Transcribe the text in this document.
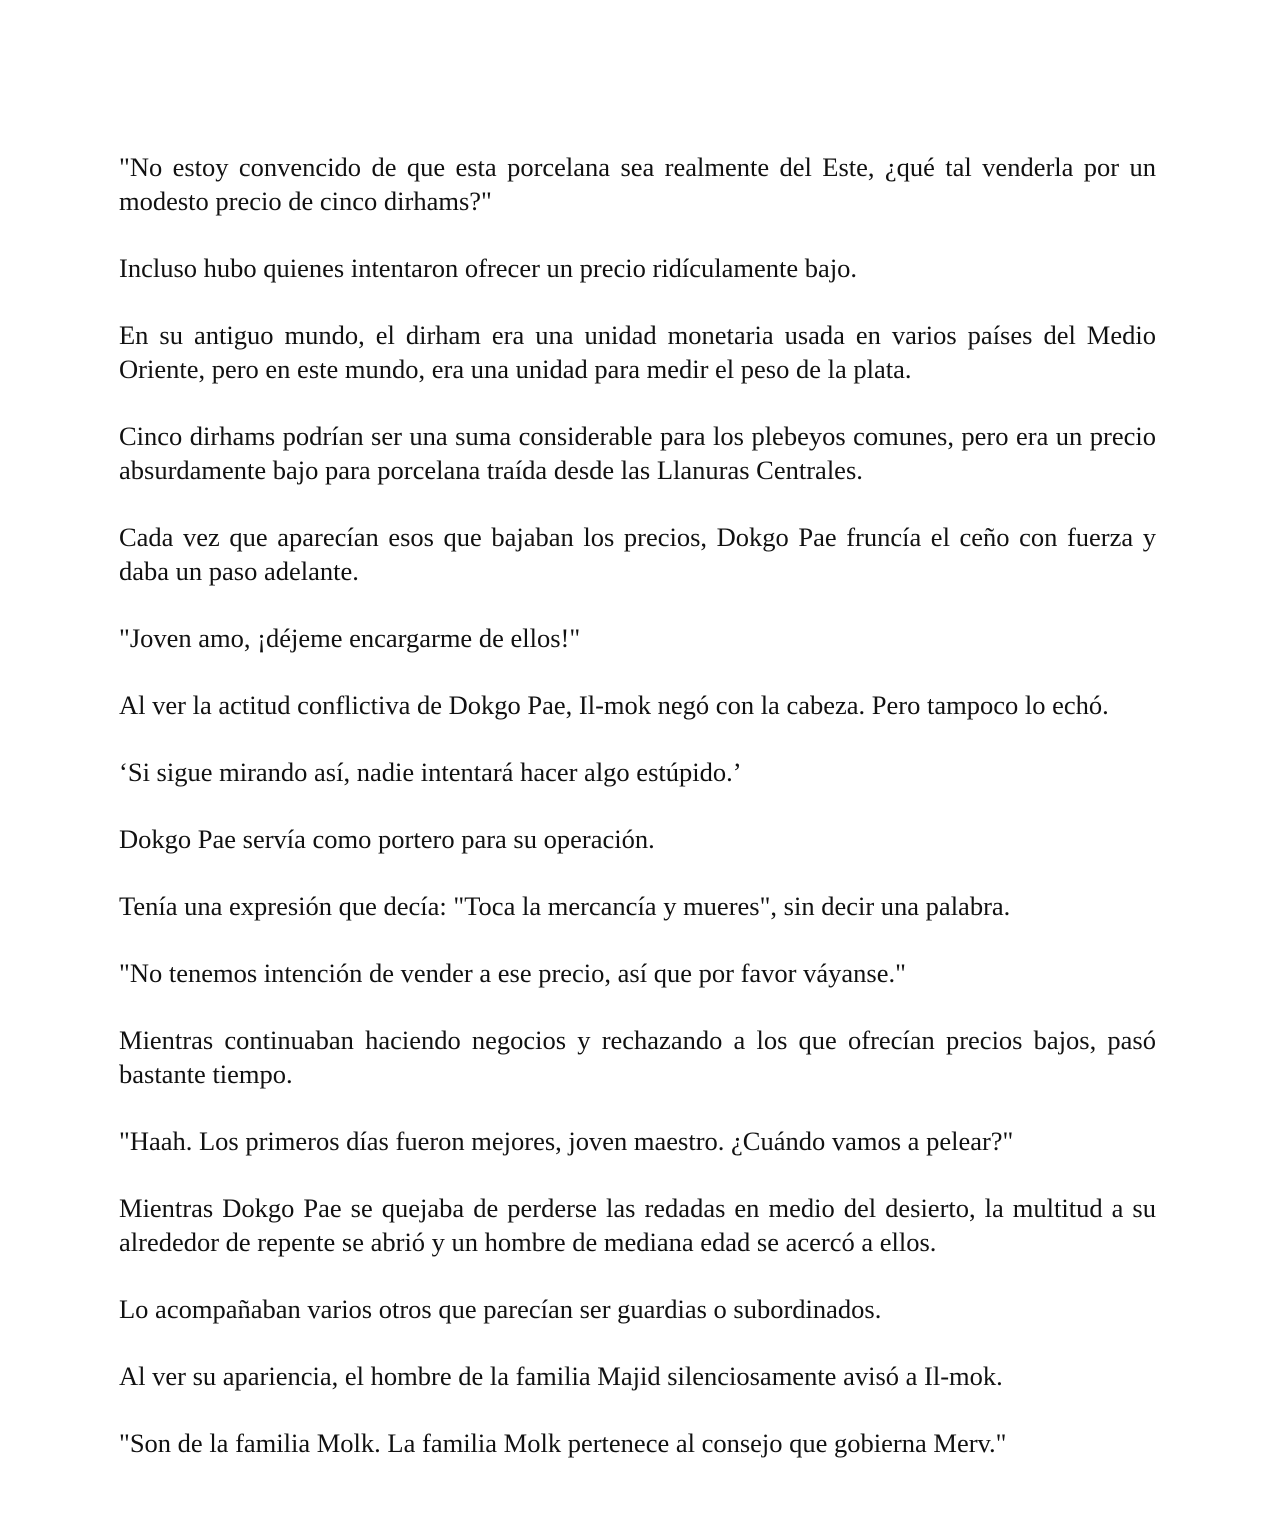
"No estoy convencido de que esta porcelana sea realmente del Este, ¿qué tal venderla por un modesto precio de cinco dirhams?"

Incluso hubo quienes intentaron ofrecer un precio ridículamente bajo.

En su antiguo mundo, el dirham era una unidad monetaria usada en varios países del Medio Oriente, pero en este mundo, era una unidad para medir el peso de la plata.

Cinco dirhams podrían ser una suma considerable para los plebeyos comunes, pero era un precio absurdamente bajo para porcelana traída desde las Llanuras Centrales.

Cada vez que aparecían esos que bajaban los precios, Dokgo Pae fruncía el ceño con fuerza y daba un paso adelante.

"Joven amo, ¡déjeme encargarme de ellos!"

Al ver la actitud conflictiva de Dokgo Pae, Il-mok negó con la cabeza. Pero tampoco lo echó.

‘Si sigue mirando así, nadie intentará hacer algo estúpido.’

Dokgo Pae servía como portero para su operación.

Tenía una expresión que decía: "Toca la mercancía y mueres", sin decir una palabra.

"No tenemos intención de vender a ese precio, así que por favor váyanse."

Mientras continuaban haciendo negocios y rechazando a los que ofrecían precios bajos, pasó bastante tiempo.

"Haah. Los primeros días fueron mejores, joven maestro. ¿Cuándo vamos a pelear?"

Mientras Dokgo Pae se quejaba de perderse las redadas en medio del desierto, la multitud a su alrededor de repente se abrió y un hombre de mediana edad se acercó a ellos.

Lo acompañaban varios otros que parecían ser guardias o subordinados.

Al ver su apariencia, el hombre de la familia Majid silenciosamente avisó a Il-mok.

"Son de la familia Molk. La familia Molk pertenece al consejo que gobierna Merv."
